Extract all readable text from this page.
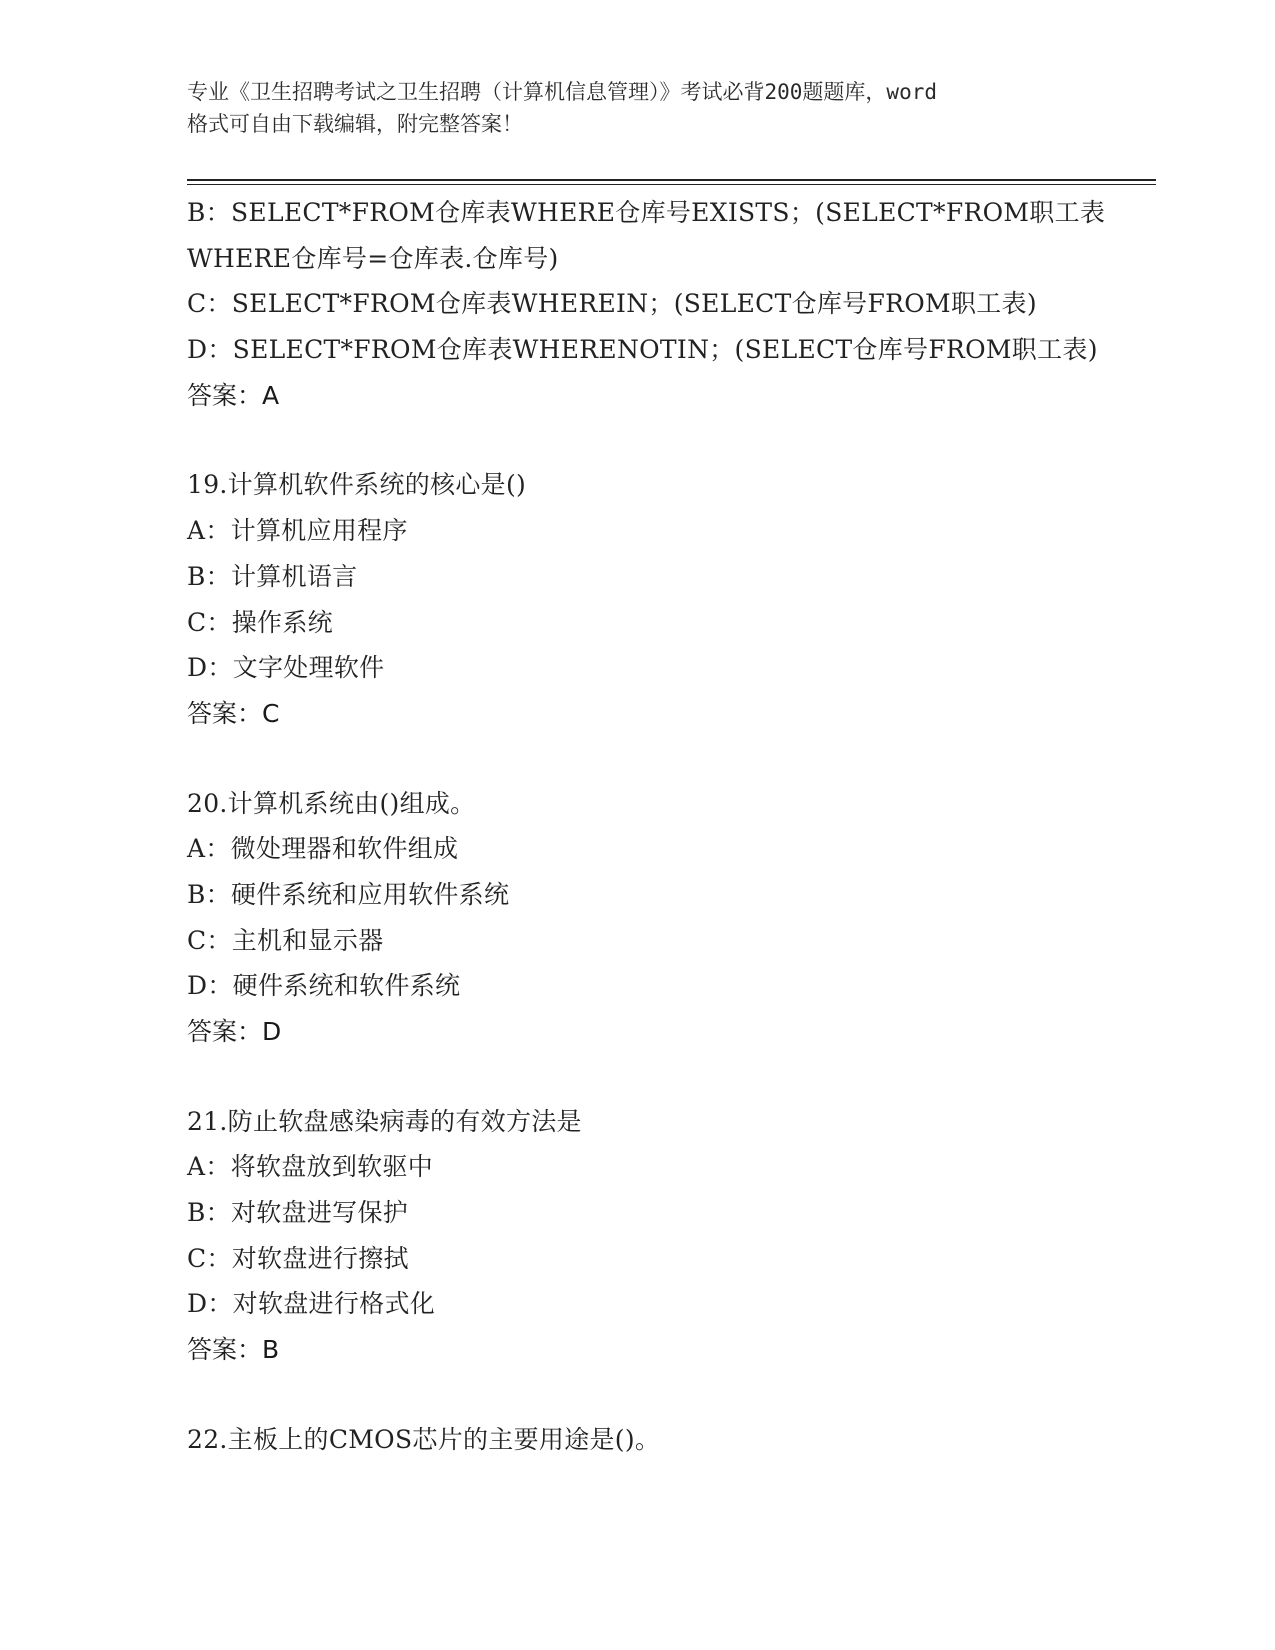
专业《卫生招聘考试之卫生招聘（计算机信息管理）》考试必背200题题库，word
格式可自由下载编辑，附完整答案！
B：SELECT*FROM仓库表WHERE仓库号EXISTS；(SELECT*FROM职工表
WHERE仓库号=仓库表.仓库号)
C：SELECT*FROM仓库表WHEREIN；(SELECT仓库号FROM职工表)
D：SELECT*FROM仓库表WHERENOTIN；(SELECT仓库号FROM职工表)
答案：A
19.计算机软件系统的核心是()
A：计算机应用程序
B：计算机语言
C：操作系统
D：文字处理软件
答案：C
20.计算机系统由()组成。
A：微处理器和软件组成
B：硬件系统和应用软件系统
C：主机和显示器
D：硬件系统和软件系统
答案：D
21.防止软盘感染病毒的有效方法是
A：将软盘放到软驱中
B：对软盘进写保护
C：对软盘进行擦拭
D：对软盘进行格式化
答案：B
22.主板上的CMOS芯片的主要用途是()。
